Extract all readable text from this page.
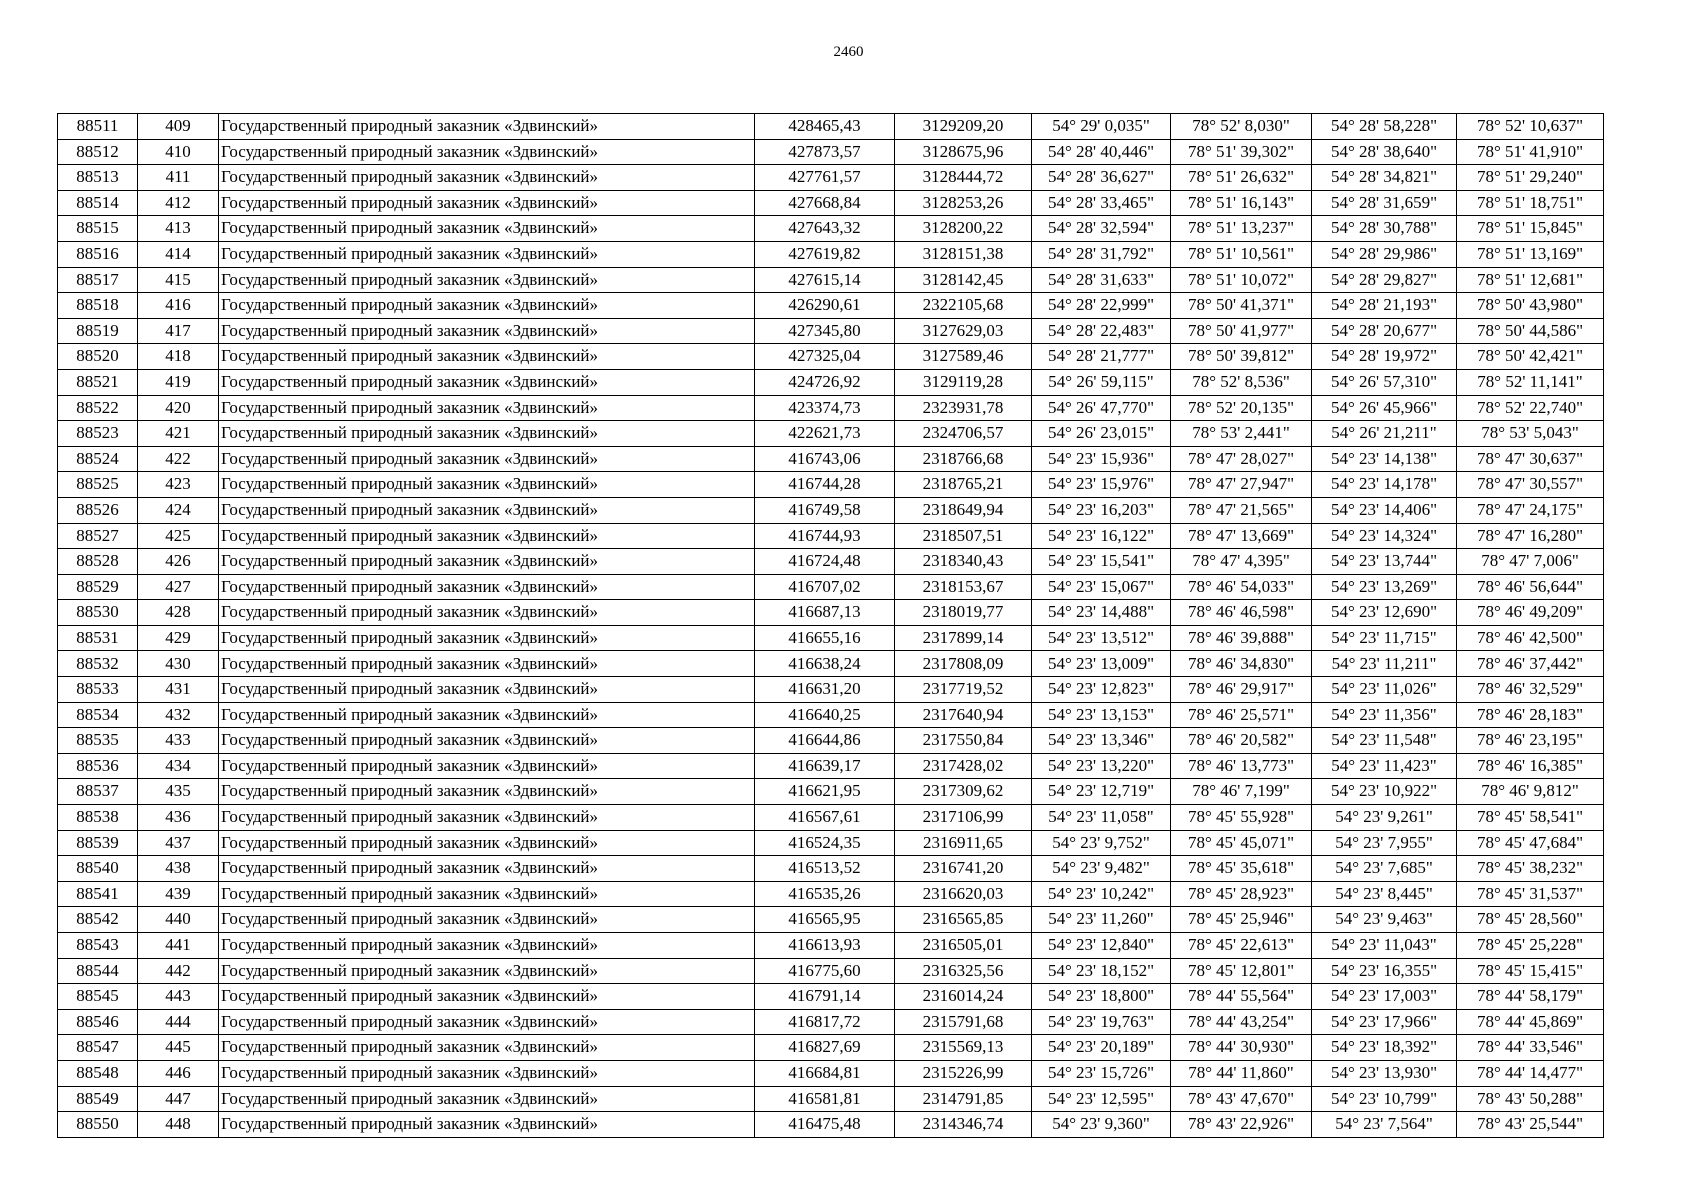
2460
88511	409	Государственный природный заказник «Здвинский»	428465,43	3129209,20	54° 29' 0,035"	78° 52' 8,030"	54° 28' 58,228"	78° 52' 10,637"
88512	410	Государственный природный заказник «Здвинский»	427873,57	3128675,96	54° 28' 40,446"	78° 51' 39,302"	54° 28' 38,640"	78° 51' 41,910"
88513	411	Государственный природный заказник «Здвинский»	427761,57	3128444,72	54° 28' 36,627"	78° 51' 26,632"	54° 28' 34,821"	78° 51' 29,240"
88514	412	Государственный природный заказник «Здвинский»	427668,84	3128253,26	54° 28' 33,465"	78° 51' 16,143"	54° 28' 31,659"	78° 51' 18,751"
88515	413	Государственный природный заказник «Здвинский»	427643,32	3128200,22	54° 28' 32,594"	78° 51' 13,237"	54° 28' 30,788"	78° 51' 15,845"
88516	414	Государственный природный заказник «Здвинский»	427619,82	3128151,38	54° 28' 31,792"	78° 51' 10,561"	54° 28' 29,986"	78° 51' 13,169"
88517	415	Государственный природный заказник «Здвинский»	427615,14	3128142,45	54° 28' 31,633"	78° 51' 10,072"	54° 28' 29,827"	78° 51' 12,681"
88518	416	Государственный природный заказник «Здвинский»	426290,61	2322105,68	54° 28' 22,999"	78° 50' 41,371"	54° 28' 21,193"	78° 50' 43,980"
88519	417	Государственный природный заказник «Здвинский»	427345,80	3127629,03	54° 28' 22,483"	78° 50' 41,977"	54° 28' 20,677"	78° 50' 44,586"
88520	418	Государственный природный заказник «Здвинский»	427325,04	3127589,46	54° 28' 21,777"	78° 50' 39,812"	54° 28' 19,972"	78° 50' 42,421"
88521	419	Государственный природный заказник «Здвинский»	424726,92	3129119,28	54° 26' 59,115"	78° 52' 8,536"	54° 26' 57,310"	78° 52' 11,141"
88522	420	Государственный природный заказник «Здвинский»	423374,73	2323931,78	54° 26' 47,770"	78° 52' 20,135"	54° 26' 45,966"	78° 52' 22,740"
88523	421	Государственный природный заказник «Здвинский»	422621,73	2324706,57	54° 26' 23,015"	78° 53' 2,441"	54° 26' 21,211"	78° 53' 5,043"
88524	422	Государственный природный заказник «Здвинский»	416743,06	2318766,68	54° 23' 15,936"	78° 47' 28,027"	54° 23' 14,138"	78° 47' 30,637"
88525	423	Государственный природный заказник «Здвинский»	416744,28	2318765,21	54° 23' 15,976"	78° 47' 27,947"	54° 23' 14,178"	78° 47' 30,557"
88526	424	Государственный природный заказник «Здвинский»	416749,58	2318649,94	54° 23' 16,203"	78° 47' 21,565"	54° 23' 14,406"	78° 47' 24,175"
88527	425	Государственный природный заказник «Здвинский»	416744,93	2318507,51	54° 23' 16,122"	78° 47' 13,669"	54° 23' 14,324"	78° 47' 16,280"
88528	426	Государственный природный заказник «Здвинский»	416724,48	2318340,43	54° 23' 15,541"	78° 47' 4,395"	54° 23' 13,744"	78° 47' 7,006"
88529	427	Государственный природный заказник «Здвинский»	416707,02	2318153,67	54° 23' 15,067"	78° 46' 54,033"	54° 23' 13,269"	78° 46' 56,644"
88530	428	Государственный природный заказник «Здвинский»	416687,13	2318019,77	54° 23' 14,488"	78° 46' 46,598"	54° 23' 12,690"	78° 46' 49,209"
88531	429	Государственный природный заказник «Здвинский»	416655,16	2317899,14	54° 23' 13,512"	78° 46' 39,888"	54° 23' 11,715"	78° 46' 42,500"
88532	430	Государственный природный заказник «Здвинский»	416638,24	2317808,09	54° 23' 13,009"	78° 46' 34,830"	54° 23' 11,211"	78° 46' 37,442"
88533	431	Государственный природный заказник «Здвинский»	416631,20	2317719,52	54° 23' 12,823"	78° 46' 29,917"	54° 23' 11,026"	78° 46' 32,529"
88534	432	Государственный природный заказник «Здвинский»	416640,25	2317640,94	54° 23' 13,153"	78° 46' 25,571"	54° 23' 11,356"	78° 46' 28,183"
88535	433	Государственный природный заказник «Здвинский»	416644,86	2317550,84	54° 23' 13,346"	78° 46' 20,582"	54° 23' 11,548"	78° 46' 23,195"
88536	434	Государственный природный заказник «Здвинский»	416639,17	2317428,02	54° 23' 13,220"	78° 46' 13,773"	54° 23' 11,423"	78° 46' 16,385"
88537	435	Государственный природный заказник «Здвинский»	416621,95	2317309,62	54° 23' 12,719"	78° 46' 7,199"	54° 23' 10,922"	78° 46' 9,812"
88538	436	Государственный природный заказник «Здвинский»	416567,61	2317106,99	54° 23' 11,058"	78° 45' 55,928"	54° 23' 9,261"	78° 45' 58,541"
88539	437	Государственный природный заказник «Здвинский»	416524,35	2316911,65	54° 23' 9,752"	78° 45' 45,071"	54° 23' 7,955"	78° 45' 47,684"
88540	438	Государственный природный заказник «Здвинский»	416513,52	2316741,20	54° 23' 9,482"	78° 45' 35,618"	54° 23' 7,685"	78° 45' 38,232"
88541	439	Государственный природный заказник «Здвинский»	416535,26	2316620,03	54° 23' 10,242"	78° 45' 28,923"	54° 23' 8,445"	78° 45' 31,537"
88542	440	Государственный природный заказник «Здвинский»	416565,95	2316565,85	54° 23' 11,260"	78° 45' 25,946"	54° 23' 9,463"	78° 45' 28,560"
88543	441	Государственный природный заказник «Здвинский»	416613,93	2316505,01	54° 23' 12,840"	78° 45' 22,613"	54° 23' 11,043"	78° 45' 25,228"
88544	442	Государственный природный заказник «Здвинский»	416775,60	2316325,56	54° 23' 18,152"	78° 45' 12,801"	54° 23' 16,355"	78° 45' 15,415"
88545	443	Государственный природный заказник «Здвинский»	416791,14	2316014,24	54° 23' 18,800"	78° 44' 55,564"	54° 23' 17,003"	78° 44' 58,179"
88546	444	Государственный природный заказник «Здвинский»	416817,72	2315791,68	54° 23' 19,763"	78° 44' 43,254"	54° 23' 17,966"	78° 44' 45,869"
88547	445	Государственный природный заказник «Здвинский»	416827,69	2315569,13	54° 23' 20,189"	78° 44' 30,930"	54° 23' 18,392"	78° 44' 33,546"
88548	446	Государственный природный заказник «Здвинский»	416684,81	2315226,99	54° 23' 15,726"	78° 44' 11,860"	54° 23' 13,930"	78° 44' 14,477"
88549	447	Государственный природный заказник «Здвинский»	416581,81	2314791,85	54° 23' 12,595"	78° 43' 47,670"	54° 23' 10,799"	78° 43' 50,288"
88550	448	Государственный природный заказник «Здвинский»	416475,48	2314346,74	54° 23' 9,360"	78° 43' 22,926"	54° 23' 7,564"	78° 43' 25,544"
